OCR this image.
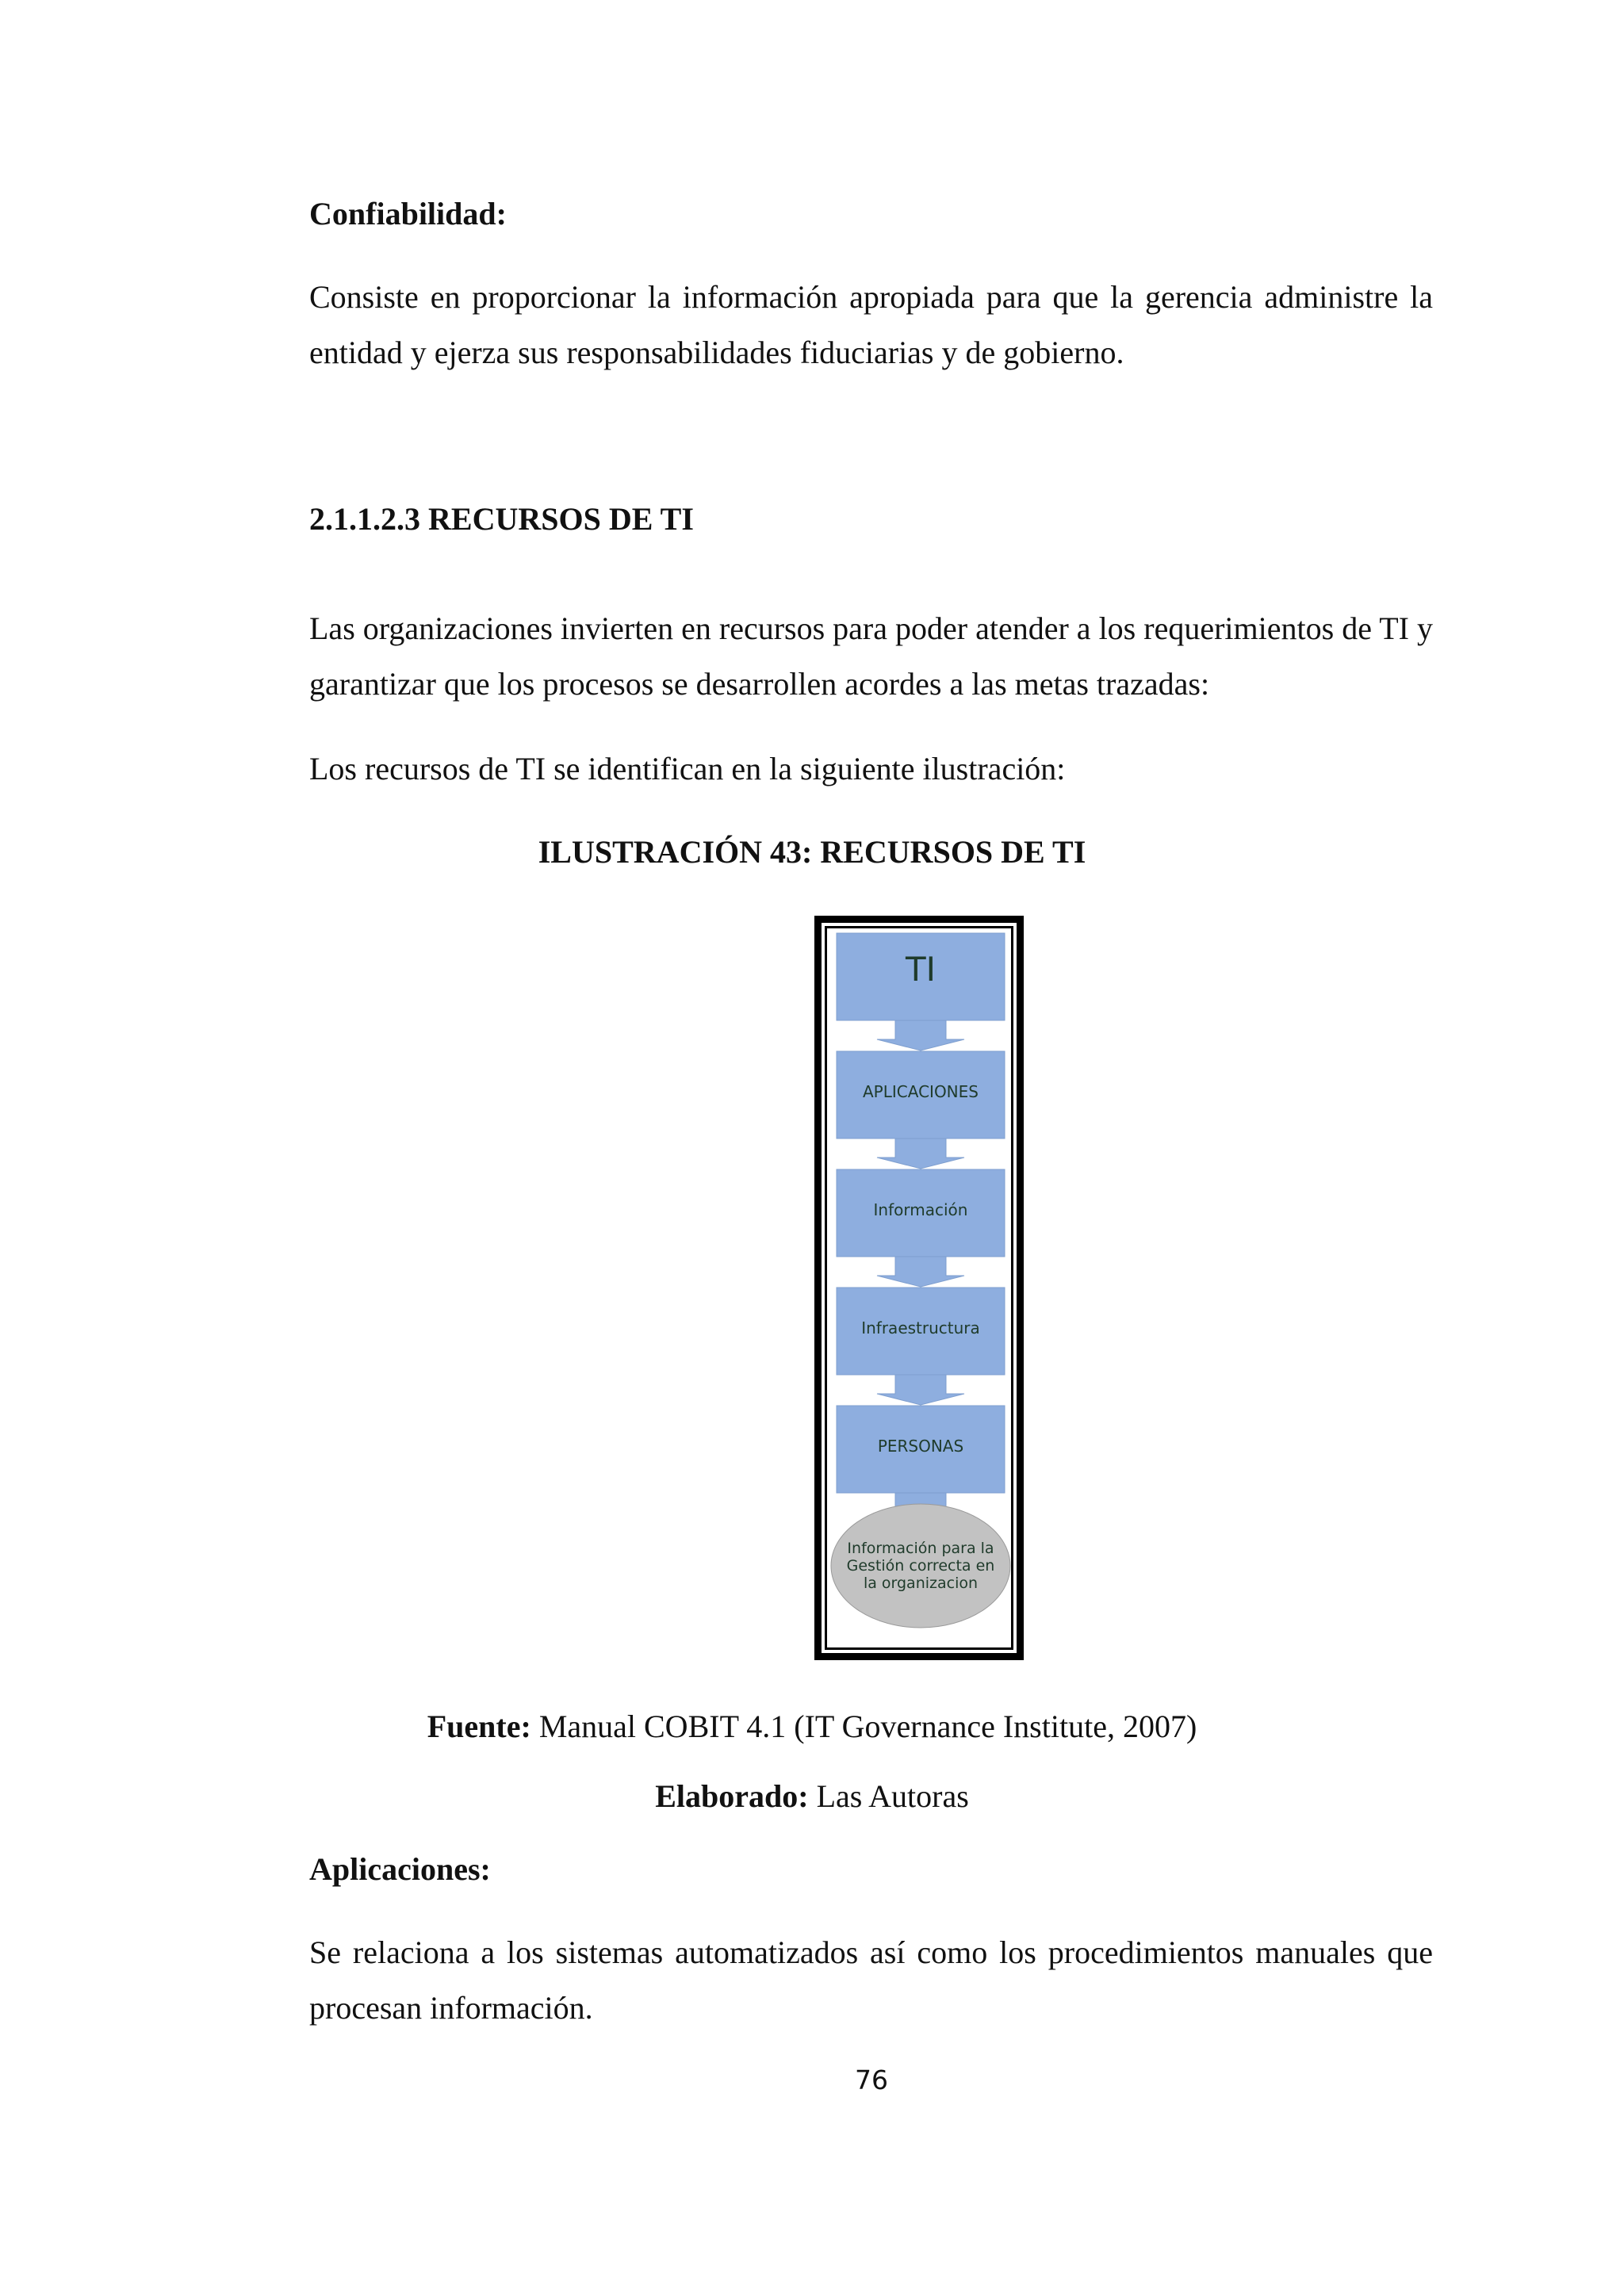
Confiabilidad:
Consiste en proporcionar la información apropiada para que la gerencia administre la entidad y ejerza sus responsabilidades fiduciarias y de gobierno.
2.1.1.2.3 RECURSOS DE TI
Las organizaciones invierten en recursos para poder atender a los requerimientos de TI y garantizar que los procesos se desarrollen acordes a las metas trazadas:
Los recursos de TI se identifican en la siguiente ilustración:
ILUSTRACIÓN 43: RECURSOS DE TI
TI
APLICACIONES
Información
Infraestructura
PERSONAS
Información para la
Gestión correcta en
la organizacion
Fuente: Manual COBIT 4.1 (IT Governance Institute, 2007)
Elaborado: Las Autoras
Aplicaciones:
Se relaciona a los sistemas automatizados así como los procedimientos manuales que procesan información.
76
